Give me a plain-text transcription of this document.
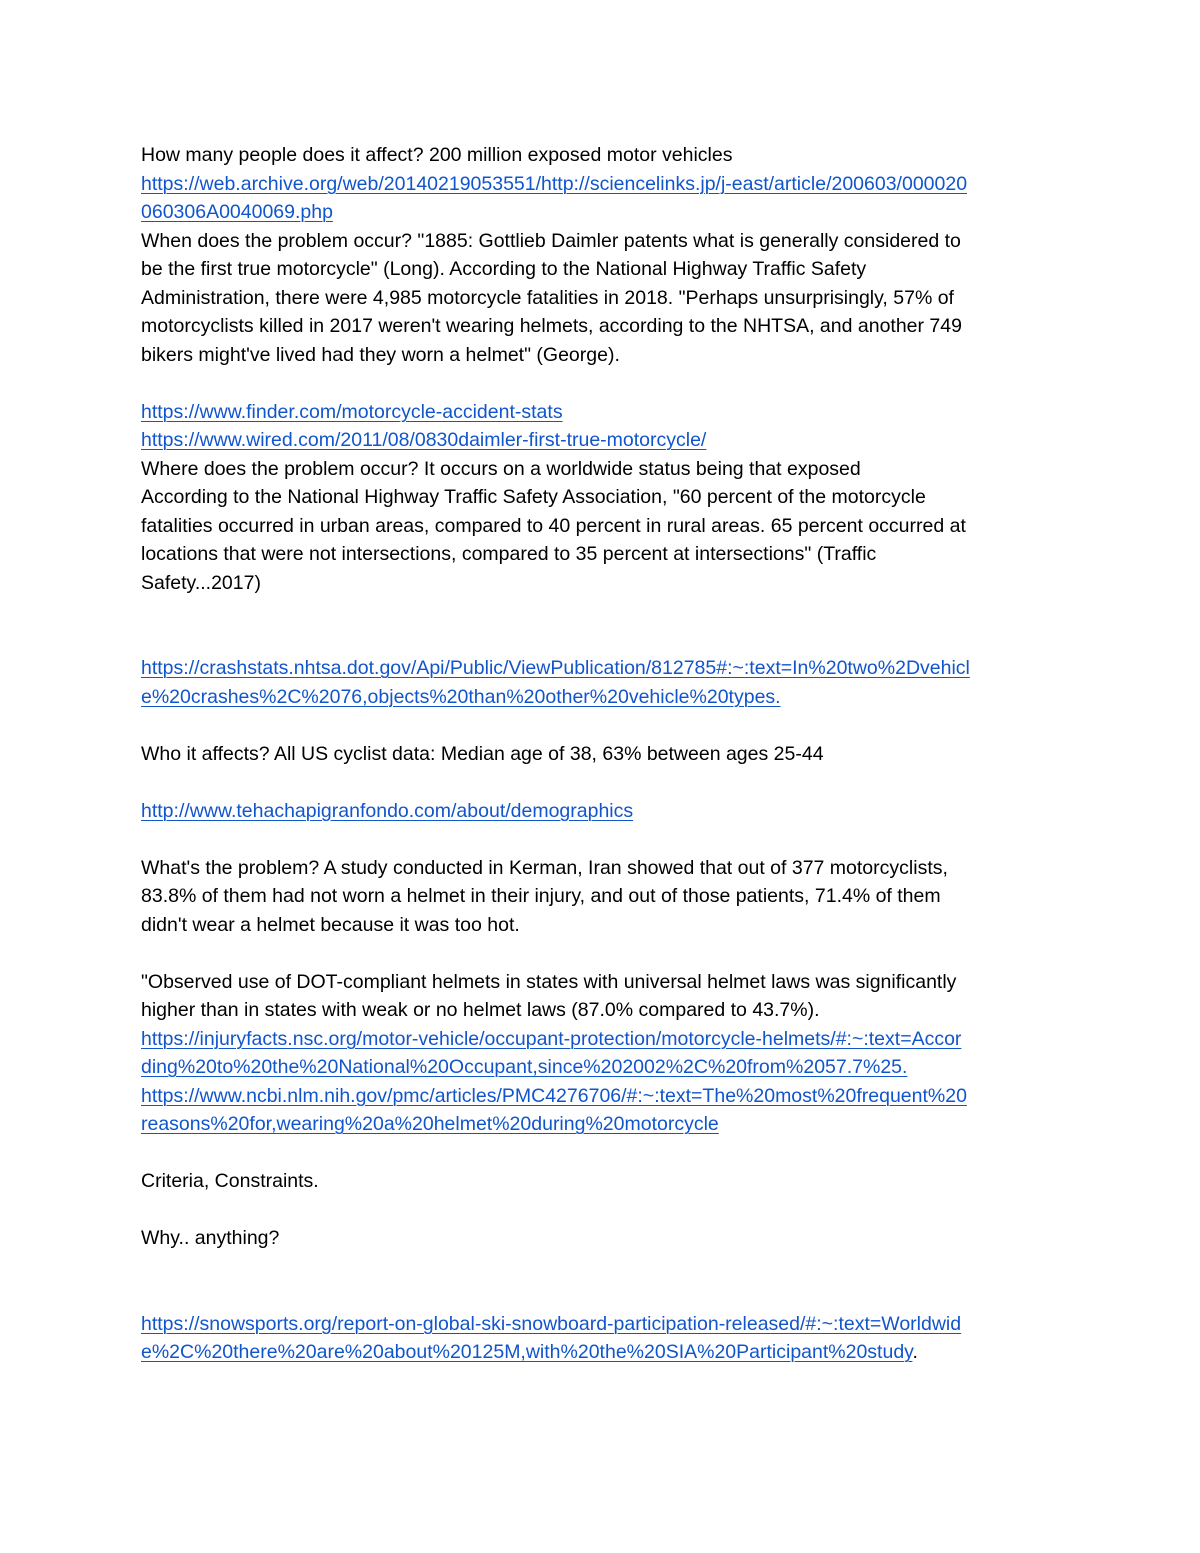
How many people does it affect? 200 million exposed motor vehicles
https://web.archive.org/web/20140219053551/http://sciencelinks.jp/j-east/article/200603/000020
060306A0040069.php
When does the problem occur? "1885: Gottlieb Daimler patents what is generally considered to
be the first true motorcycle" (Long). According to the National Highway Traffic Safety
Administration, there were 4,985 motorcycle fatalities in 2018. "Perhaps unsurprisingly, 57% of
motorcyclists killed in 2017 weren't wearing helmets, according to the NHTSA, and another 749
bikers might've lived had they worn a helmet" (George).
https://www.finder.com/motorcycle-accident-stats
https://www.wired.com/2011/08/0830daimler-first-true-motorcycle/
Where does the problem occur? It occurs on a worldwide status being that exposed
According to the National Highway Traffic Safety Association, "60 percent of the motorcycle
fatalities occurred in urban areas, compared to 40 percent in rural areas. 65 percent occurred at
locations that were not intersections, compared to 35 percent at intersections" (Traffic
Safety...2017)
https://crashstats.nhtsa.dot.gov/Api/Public/ViewPublication/812785#:~:text=In%20two%2Dvehicl
e%20crashes%2C%2076,objects%20than%20other%20vehicle%20types.
Who it affects? All US cyclist data: Median age of 38, 63% between ages 25-44
http://www.tehachapigranfondo.com/about/demographics
What's the problem? A study conducted in Kerman, Iran showed that out of 377 motorcyclists,
83.8% of them had not worn a helmet in their injury, and out of those patients, 71.4% of them
didn't wear a helmet because it was too hot.
"Observed use of DOT-compliant helmets in states with universal helmet laws was significantly
higher than in states with weak or no helmet laws (87.0% compared to 43.7%).
https://injuryfacts.nsc.org/motor-vehicle/occupant-protection/motorcycle-helmets/#:~:text=Accor
ding%20to%20the%20National%20Occupant,since%202002%2C%20from%2057.7%25.
https://www.ncbi.nlm.nih.gov/pmc/articles/PMC4276706/#:~:text=The%20most%20frequent%20
reasons%20for,wearing%20a%20helmet%20during%20motorcycle
Criteria, Constraints.
Why.. anything?
https://snowsports.org/report-on-global-ski-snowboard-participation-released/#:~:text=Worldwid
e%2C%20there%20are%20about%20125M,with%20the%20SIA%20Participant%20study.
